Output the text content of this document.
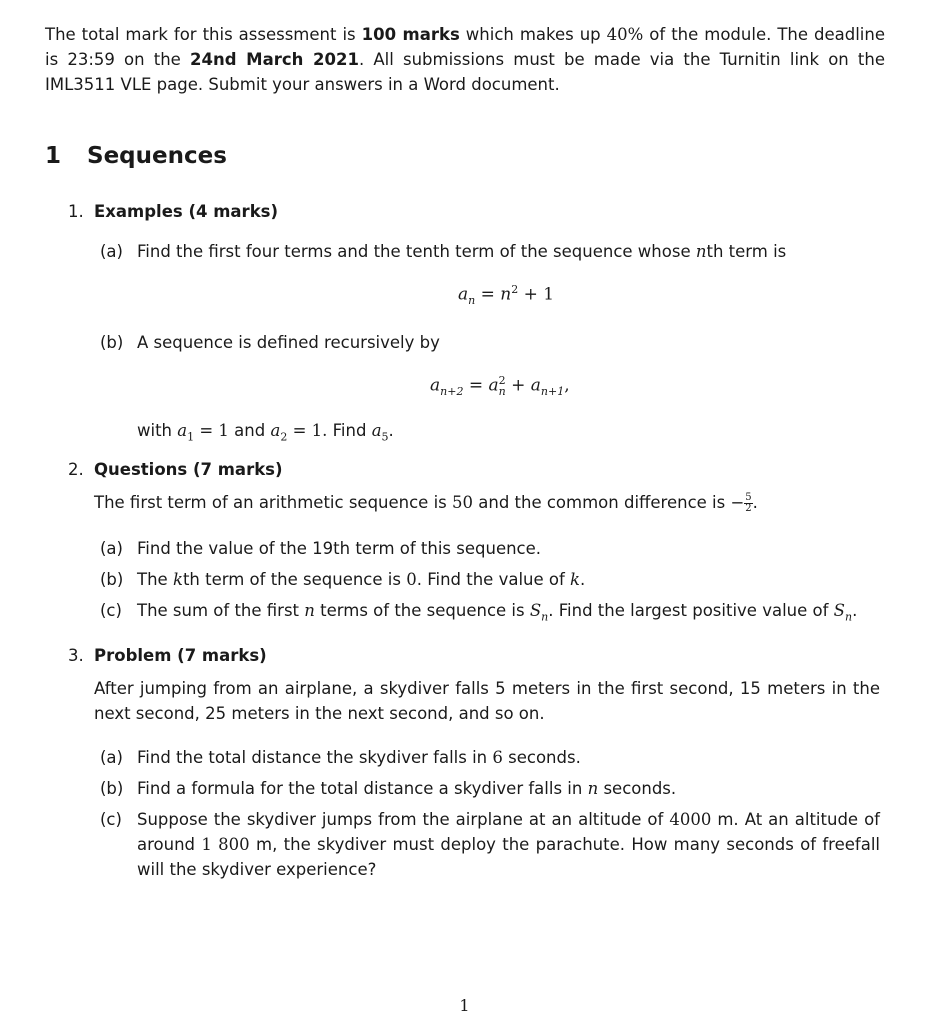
The total mark for this assessment is 100 marks which makes up 40% of the module. The deadline is 23:59 on the 24nd March 2021. All submissions must be made via the Turnitin link on the IML3511 VLE page. Submit your answers in a Word document.
1 Sequences
1. Examples (4 marks)
(a) Find the first four terms and the tenth term of the sequence whose nth term is
$a_n = n^2 + 1$
(b) A sequence is defined recursively by
$a_{n+2} = a^2_n + a_{n+1}$,
with $a_1 = 1$ and $a_2 = 1$. Find $a_5$.
2. Questions (7 marks)
The first term of an arithmetic sequence is 50 and the common difference is − $\frac{5}{2}$ .
(a) Find the value of the 19th term of this sequence.
(b) The kth term of the sequence is 0. Find the value of k.
(c) The sum of the first n terms of the sequence is $S_n$. Find the largest positive value of $S_n$.
3. Problem (7 marks)
After jumping from an airplane, a skydiver falls 5 meters in the first second, 15 meters in the next second, 25 meters in the next second, and so on.
(a) Find the total distance the skydiver falls in 6 seconds.
(b) Find a formula for the total distance a skydiver falls in n seconds.
(c) Suppose the skydiver jumps from the airplane at an altitude of 4000 m. At an altitude of around 1 800 m, the skydiver must deploy the parachute. How many seconds of freefall will the skydiver experience?
1
